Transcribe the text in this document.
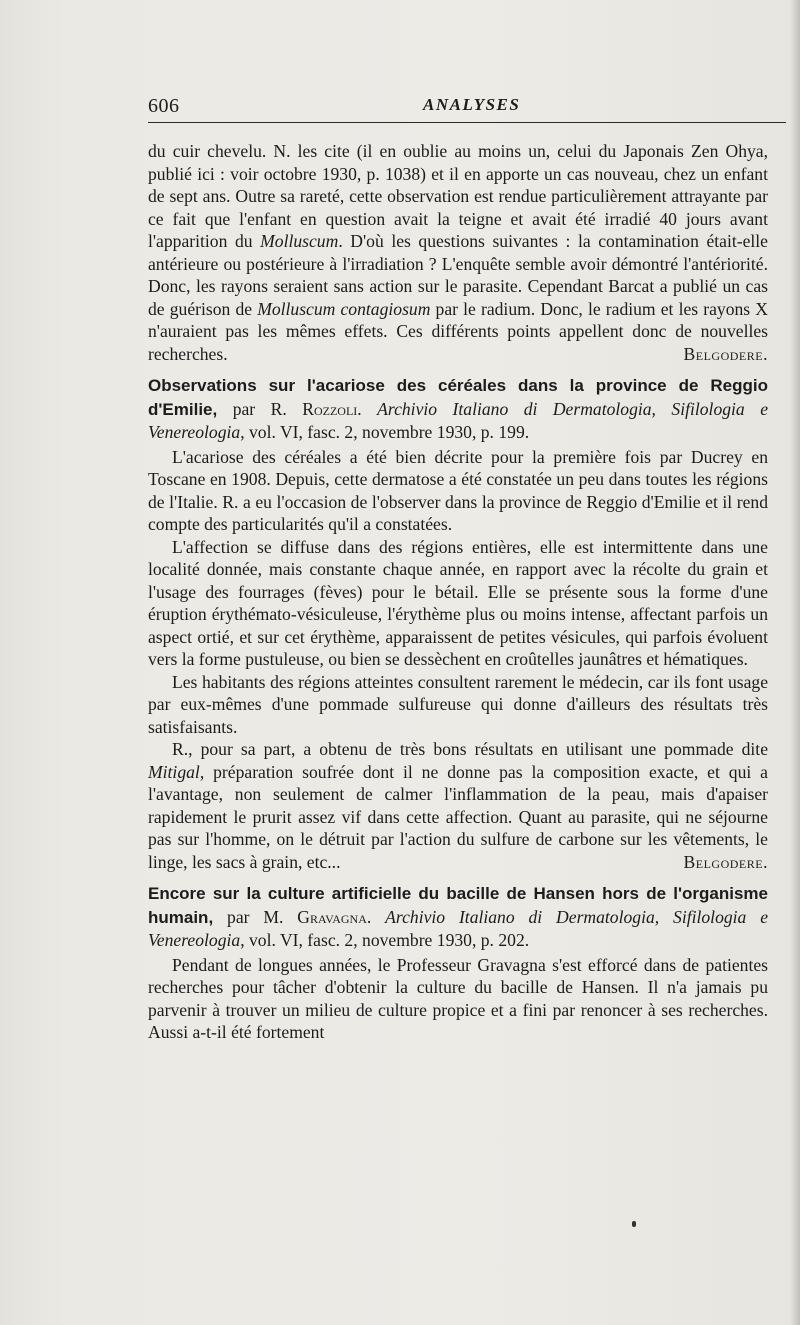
606	ANALYSES

du cuir chevelu. N. les cite (il en oublie au moins un, celui du Japonais Zen Ohya, publié ici : voir octobre 1930, p. 1038) et il en apporte un cas nouveau, chez un enfant de sept ans. Outre sa rareté, cette observation est rendue particulièrement attrayante par ce fait que l'enfant en question avait la teigne et avait été irradié 40 jours avant l'apparition du Molluscum. D'où les questions suivantes : la contamination était-elle antérieure ou postérieure à l'irradiation ? L'enquête semble avoir démontré l'antériorité. Donc, les rayons seraient sans action sur le parasite. Cependant Barcat a publié un cas de guérison de Molluscum contagiosum par le radium. Donc, le radium et les rayons X n'auraient pas les mêmes effets. Ces différents points appellent donc de nouvelles recherches.	Belgodere.

Observations sur l'acariose des céréales dans la province de Reggio d'Emilie, par R. Rozzoli. Archivio Italiano di Dermatologia, Sifilologia e Venereologia, vol. VI, fasc. 2, novembre 1930, p. 199.

L'acariose des céréales a été bien décrite pour la première fois par Ducrey en Toscane en 1908. Depuis, cette dermatose a été constatée un peu dans toutes les régions de l'Italie. R. a eu l'occasion de l'observer dans la province de Reggio d'Emilie et il rend compte des particularités qu'il a constatées.

L'affection se diffuse dans des régions entières, elle est intermittente dans une localité donnée, mais constante chaque année, en rapport avec la récolte du grain et l'usage des fourrages (fèves) pour le bétail. Elle se présente sous la forme d'une éruption érythémato-vésiculeuse, l'érythème plus ou moins intense, affectant parfois un aspect ortié, et sur cet érythème, apparaissent de petites vésicules, qui parfois évoluent vers la forme pustuleuse, ou bien se dessèchent en croûtelles jaunâtres et hématiques.

Les habitants des régions atteintes consultent rarement le médecin, car ils font usage par eux-mêmes d'une pommade sulfureuse qui donne d'ailleurs des résultats très satisfaisants.

R., pour sa part, a obtenu de très bons résultats en utilisant une pommade dite Mitigal, préparation soufrée dont il ne donne pas la composition exacte, et qui a l'avantage, non seulement de calmer l'inflammation de la peau, mais d'apaiser rapidement le prurit assez vif dans cette affection. Quant au parasite, qui ne séjourne pas sur l'homme, on le détruit par l'action du sulfure de carbone sur les vêtements, le linge, les sacs à grain, etc...	Belgodere.

Encore sur la culture artificielle du bacille de Hansen hors de l'organisme humain, par M. Gravagna. Archivio Italiano di Dermatologia, Sifilologia e Venereologia, vol. VI, fasc. 2, novembre 1930, p. 202.

Pendant de longues années, le Professeur Gravagna s'est efforcé dans de patientes recherches pour tâcher d'obtenir la culture du bacille de Hansen. Il n'a jamais pu parvenir à trouver un milieu de culture propice et a fini par renoncer à ses recherches. Aussi a-t-il été fortement
